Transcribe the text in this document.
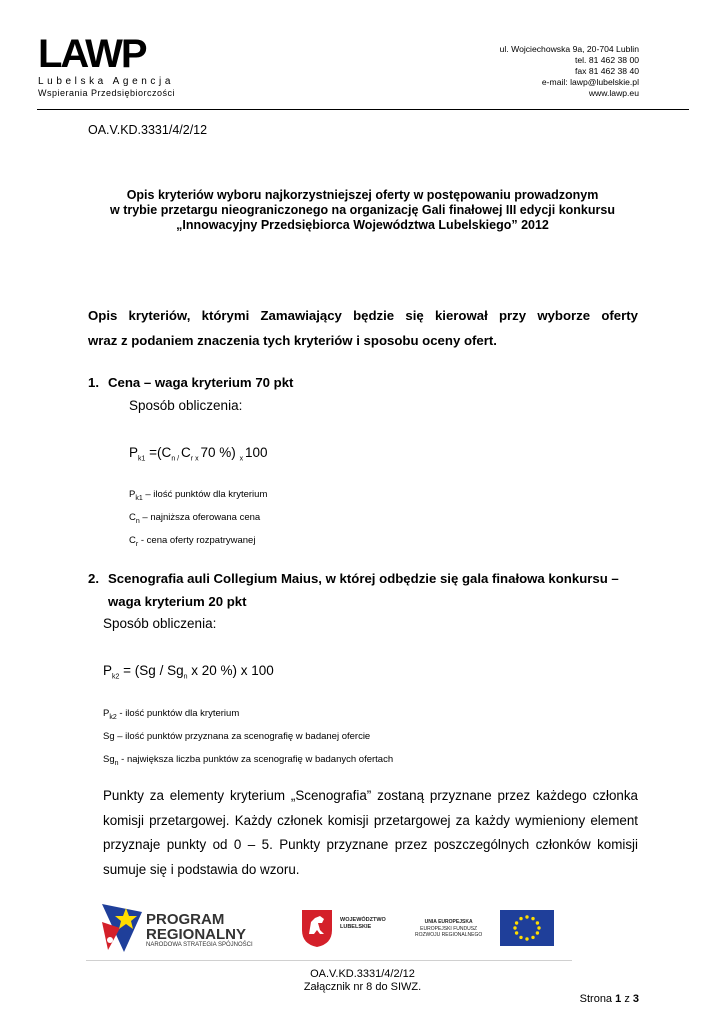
LAWP
Lubelska Agencja
Wspierania Przedsiębiorczości
ul. Wojciechowska 9a, 20-704 Lublin
tel. 81 462 38 00
fax 81 462 38 40
e-mail: lawp@lubelskie.pl
www.lawp.eu
OA.V.KD.3331/4/2/12
Opis kryteriów wyboru najkorzystniejszej oferty w postępowaniu prowadzonym
w trybie przetargu nieograniczonego na organizację Gali finałowej III edycji konkursu
„Innowacyjny Przedsiębiorca Województwa Lubelskiego” 2012
Opis kryteriów, którymi Zamawiający będzie się kierował przy wyborze oferty
wraz z podaniem znaczenia tych kryteriów i sposobu oceny ofert.
1. Cena – waga kryterium 70 pkt
Sposób obliczenia:
$P_{k1} =(C_{n /}$ $C_{r x}$ 70 %) $_x$ 100
$P_{k1}$ – ilość punktów dla kryterium
$C_n$ – najniższa oferowana cena
$C_r$ - cena oferty rozpatrywanej
2. Scenografia auli Collegium Maius, w której odbędzie się gala finałowa konkursu –
waga kryterium 20 pkt
Sposób obliczenia:
$P_{k2} = (Sg / Sg_n$ x 20 %) x 100
$P_{k2}$ - ilość punktów dla kryterium
Sg – ilość punktów przyznana za scenografię w badanej ofercie
$Sg_n$ - największa liczba punktów za scenografię w badanych ofertach
Punkty za elementy kryterium „Scenografia” zostaną przyznane przez każdego członka komisji przetargowej. Każdy członek komisji przetargowej za każdy wymieniony element przyznaje punkty od 0 – 5. Punkty przyznane przez poszczególnych członków komisji sumuje się i podstawia do wzoru.
PROGRAM
REGIONALNY
NARODOWA STRATEGIA SPÓJNOŚCI
WOJEWÓDZTWO
LUBELSKIE
UNIA EUROPEJSKA
EUROPEJSKI FUNDUSZ
ROZWOJU REGIONALNEGO
OA.V.KD.3331/4/2/12
Załącznik nr 8 do SIWZ.
Strona 1 z 3
